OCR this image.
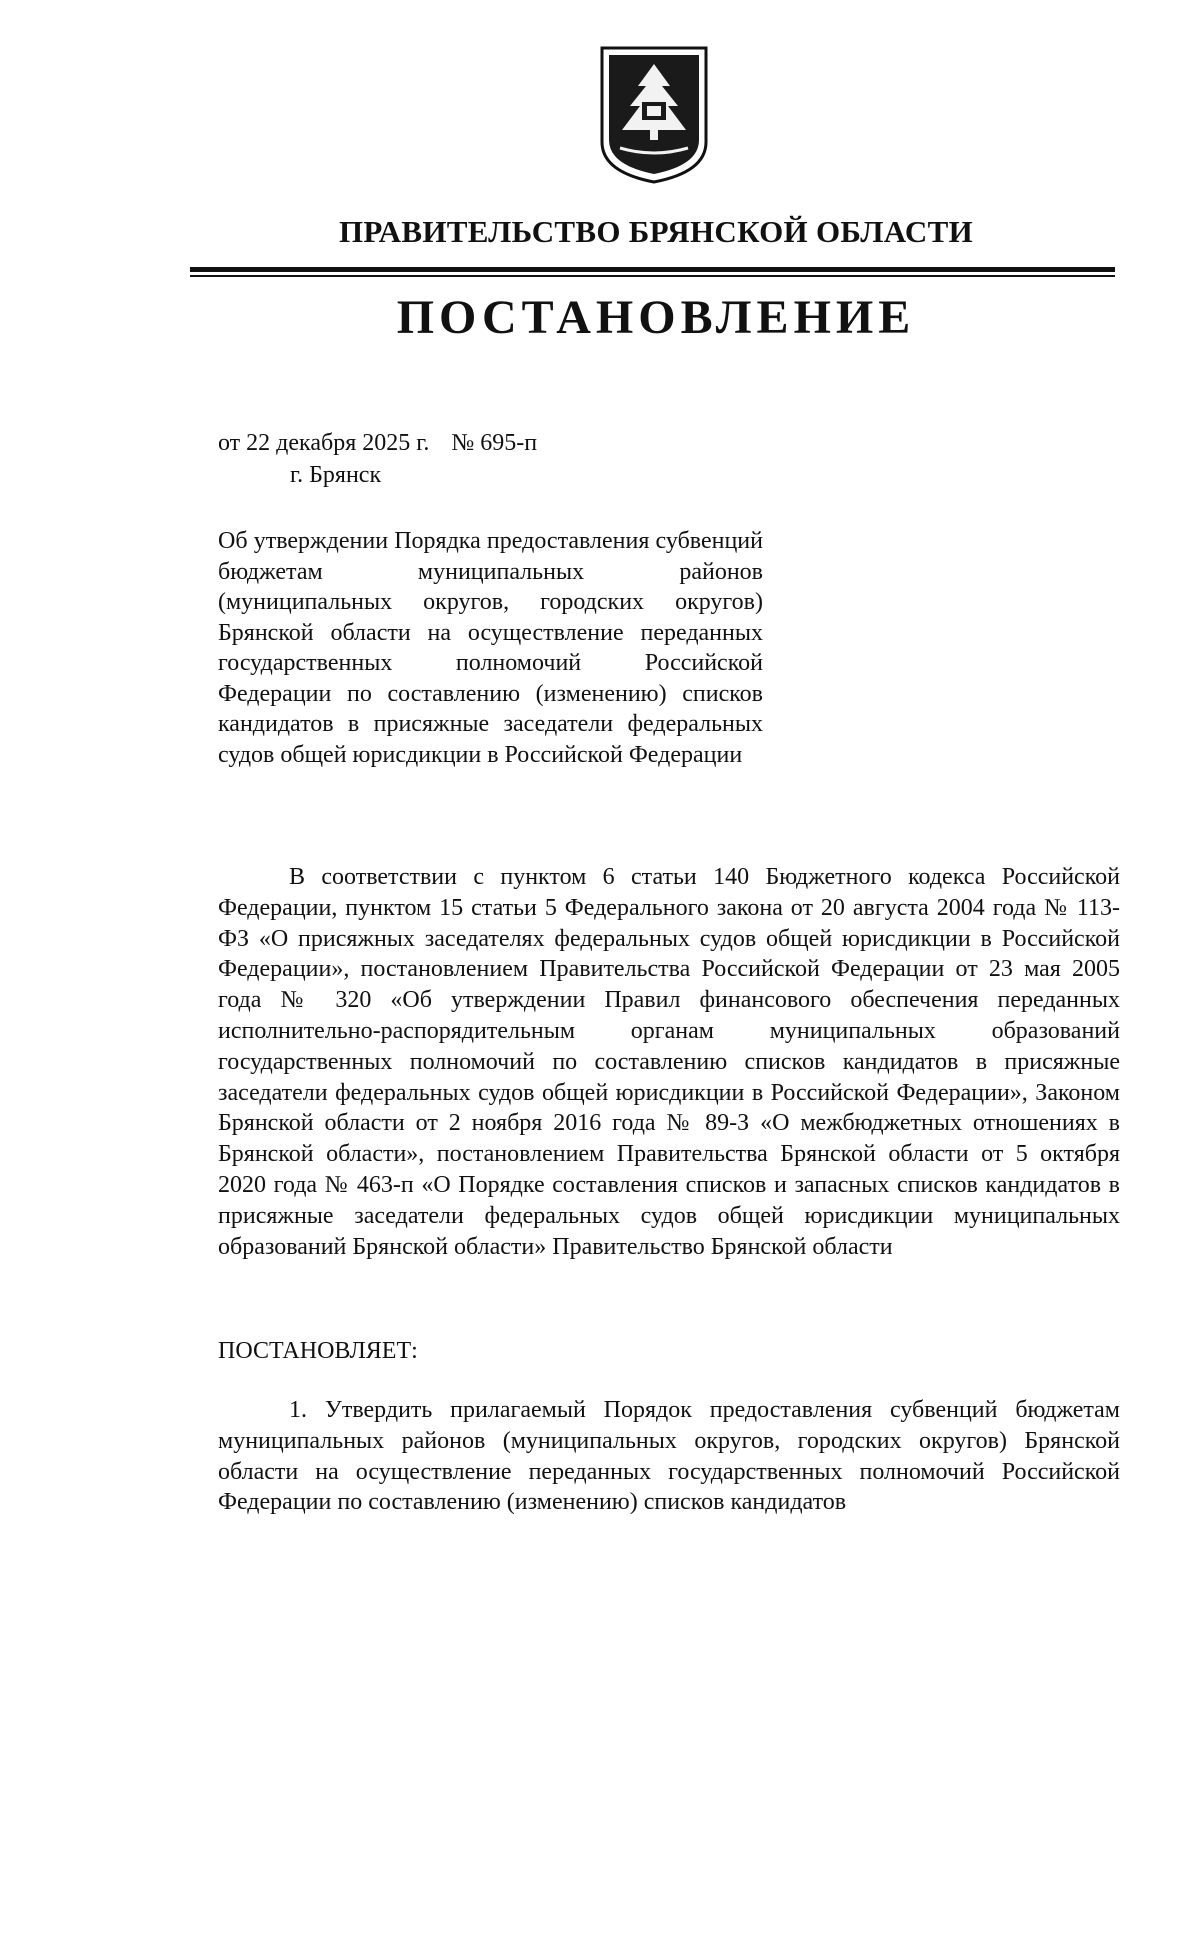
ПРАВИТЕЛЬСТВО БРЯНСКОЙ ОБЛАСТИ
ПОСТАНОВЛЕНИЕ
от 22 декабря 2025 г. № 695-п
г. Брянск
Об утверждении Порядка предоставления субвенций бюджетам муниципальных районов (муниципальных округов, городских округов) Брянской области на осуществление переданных государственных полномочий Российской Федерации по составлению (изменению) списков кандидатов в присяжные заседатели федеральных судов общей юрисдикции в Российской Федерации
В соответствии с пунктом 6 статьи 140 Бюджетного кодекса Российской Федерации, пунктом 15 статьи 5 Федерального закона от 20 августа 2004 года № 113-ФЗ «О присяжных заседателях федеральных судов общей юрисдикции в Российской Федерации», постановлением Правительства Российской Федерации от 23 мая 2005 года № 320 «Об утверждении Правил финансового обеспечения переданных исполнительно-распорядительным органам муниципальных образований государственных полномочий по составлению списков кандидатов в присяжные заседатели федеральных судов общей юрисдикции в Российской Федерации», Законом Брянской области от 2 ноября 2016 года № 89-З «О межбюджетных отношениях в Брянской области», постановлением Правительства Брянской области от 5 октября 2020 года № 463-п «О Порядке составления списков и запасных списков кандидатов в присяжные заседатели федеральных судов общей юрисдикции муниципальных образований Брянской области» Правительство Брянской области
ПОСТАНОВЛЯЕТ:
1. Утвердить прилагаемый Порядок предоставления субвенций бюджетам муниципальных районов (муниципальных округов, городских округов) Брянской области на осуществление переданных государственных полномочий Российской Федерации по составлению (изменению) списков кандидатов
